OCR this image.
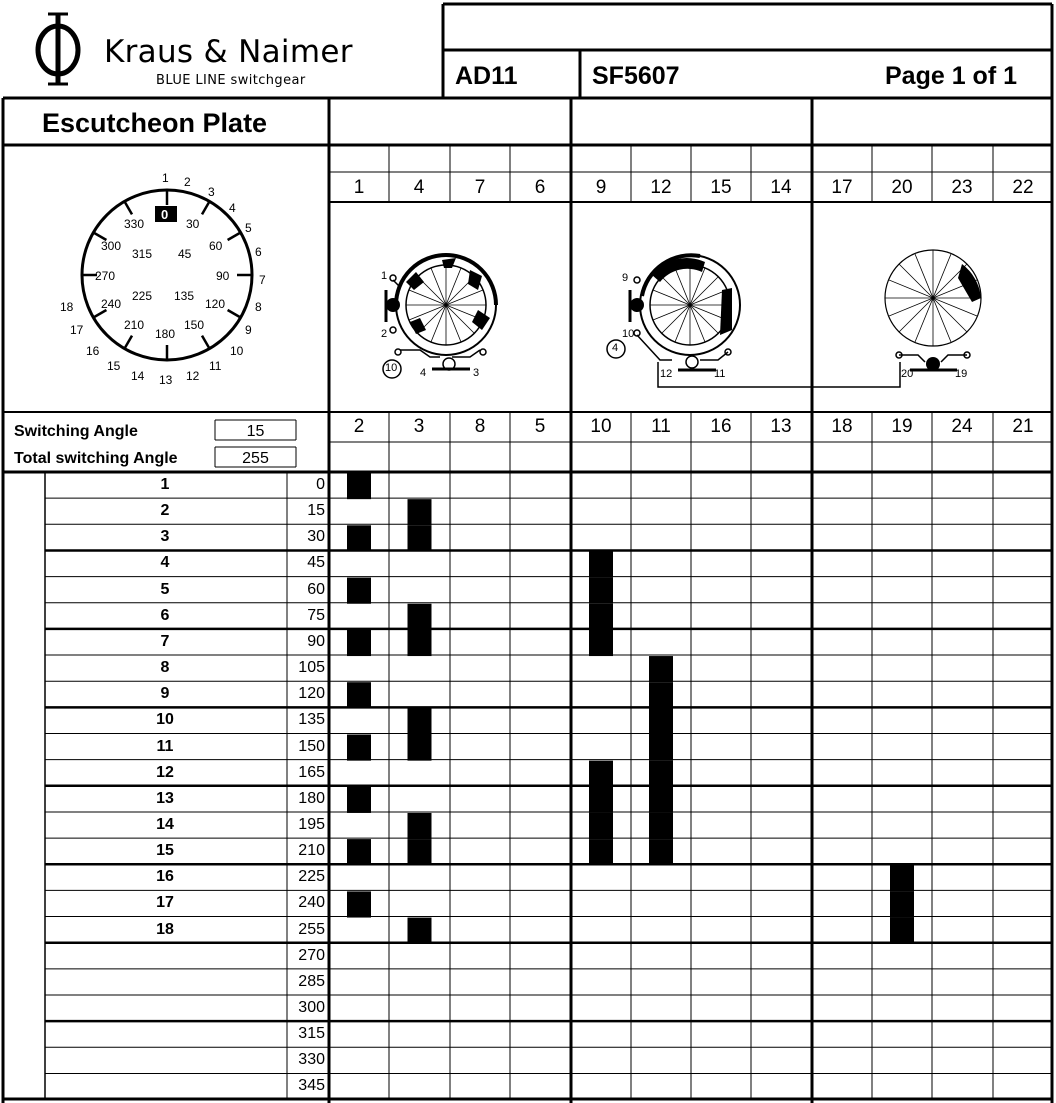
Kraus & Naimer
BLUE LINE switchgear	AD11	SF5607	Page 1 of 1
Escutcheon Plate
0
30
60
90
120
150
180
210
240
270
300
330
45
135
225
315
1 2
3
4
5
6
7
8
9
10
11
12
13
14
15
16
17
18
Switching Angle	15
Total switching Angle	255
1	4	7	6	9	12	15	14	17	20	23	22
2	3	8	5	10	11	16	13	18	19	24	21
1
2
10 4	3
9
10
4
12	11	20	19
1	0
2	15
3	30
4	45
5	60
6	75
7	90
8	105
9	120
10	135
11	150
12	165
13	180
14	195
15	210
16	225
17	240
18	255
270
285
300
315
330
345
